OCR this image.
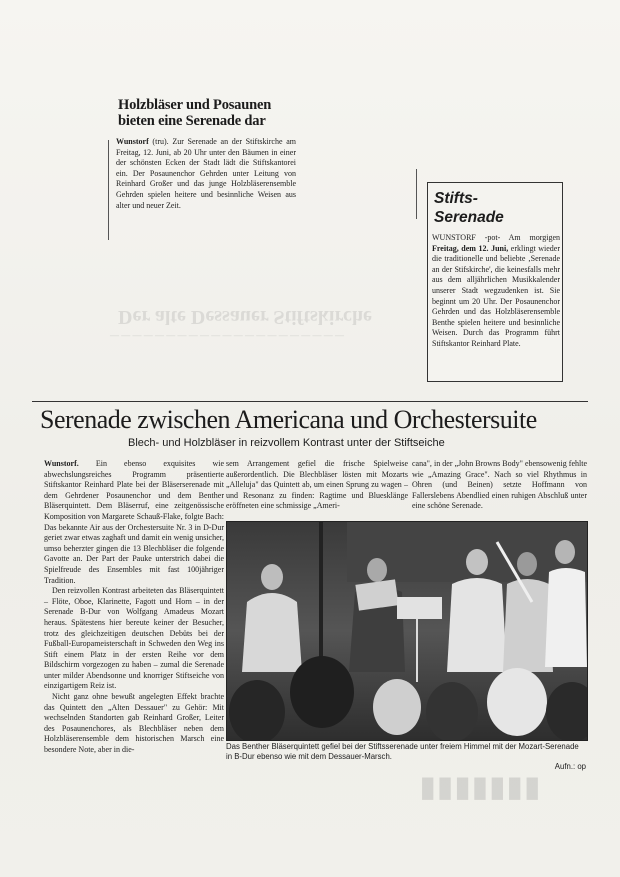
Der alte Dessauer Stiftskirche
— — — — — — — — — — — — — — — — — — — — —
Holzbläser und Posaunen
bieten eine Serenade dar
Wunstorf (tru). Zur Serenade an der Stiftskirche am Freitag, 12. Juni, ab 20 Uhr unter den Bäumen in einer der schönsten Ecken der Stadt lädt die Stiftskantorei ein. Der Posaunenchor Gehrden unter Leitung von Reinhard Großer und das junge Holzbläserensemble Gehrden spielen heitere und besinnliche Weisen aus alter und neuer Zeit.	Stifts-
Serenade
WUNSTORF -pot- Am morgigen Freitag, dem 12. Juni, erklingt wieder die traditionelle und beliebte ‚Serenade an der Stifskirche', die keinesfalls mehr aus dem alljährlichen Musikkalender unserer Stadt wegzudenken ist. Sie beginnt um 20 Uhr. Der Posaunenchor Gehrden und das Holzbläserensemble Benthe spielen heitere und besinnliche Weisen. Durch das Programm führt Stiftskantor Reinhard Plate.
Serenade zwischen Americana und Orchestersuite
Blech- und Holzbläser in reizvollem Kontrast unter der Stiftseiche

Wunstorf. Ein ebenso exquisites wie abwechslungsreiches Programm präsentierte Stiftskantor Reinhard Plate bei der Bläserserenade mit dem Gehrdener Posaunenchor und dem Benther Bläserquintett. Dem Bläserruf, eine zeitgenössische Komposition von Margarete Schauß-Flake, folgte Bach: Das bekannte Air aus der Orchestersuite Nr. 3 in D-Dur geriet zwar etwas zaghaft und damit ein wenig unsicher, umso beherzter gingen die 13 Blechbläser die folgende Gavotte an. Der Part der Pauke unterstrich dabei die Spielfreude des Ensembles mit fast 100jähriger Tradition.

Den reizvollen Kontrast arbeiteten das Bläserquintett – Flöte, Oboe, Klarinette, Fagott und Horn – in der Serenade B-Dur von Wolfgang Amadeus Mozart heraus. Spätestens hier bereute keiner der Besucher, trotz des gleichzeitigen deutschen Debüts bei der Fußball-Europameisterschaft in Schweden den Weg ins Stift einem Platz in der ersten Reihe vor dem Bildschirm vorgezogen zu haben – zumal die Serenade unter milder Abendsonne und knorriger Stiftseiche von einzigartigem Reiz ist.

Nicht ganz ohne bewußt angelegten Effekt brachte das Quintett den „Alten Dessauer" zu Gehör: Mit wechselnden Standorten gab Reinhard Großer, Leiter des Posaunenchores, als Blechbläser neben dem Holzbläserensemble dem historischen Marsch eine besondere Note, aber in die-

sem Arrangement gefiel die frische Spielweise außerordentlich. Die Blechbläser lösten mit Mozarts „Alleluja" das Quintett ab, um einen Sprung zu wagen – und Resonanz zu finden: Ragtime und Bluesklänge eröffneten eine schmissige „Ameri-

cana", in der „John Browns Body" ebensowenig fehlte wie „Amazing Grace". Nach so viel Rhythmus in Ohren (und Beinen) setzte Hoffmann von Fallerslebens Abendlied einen ruhigen Abschluß unter eine schöne Serenade.

Das Benther Bläserquintett gefiel bei der Stiftsserenade unter freiem Himmel mit der Mozart-Serenade in B-Dur ebenso wie mit dem Dessauer-Marsch.
Aufn.: op
▮▮▮▮▮▮▮
